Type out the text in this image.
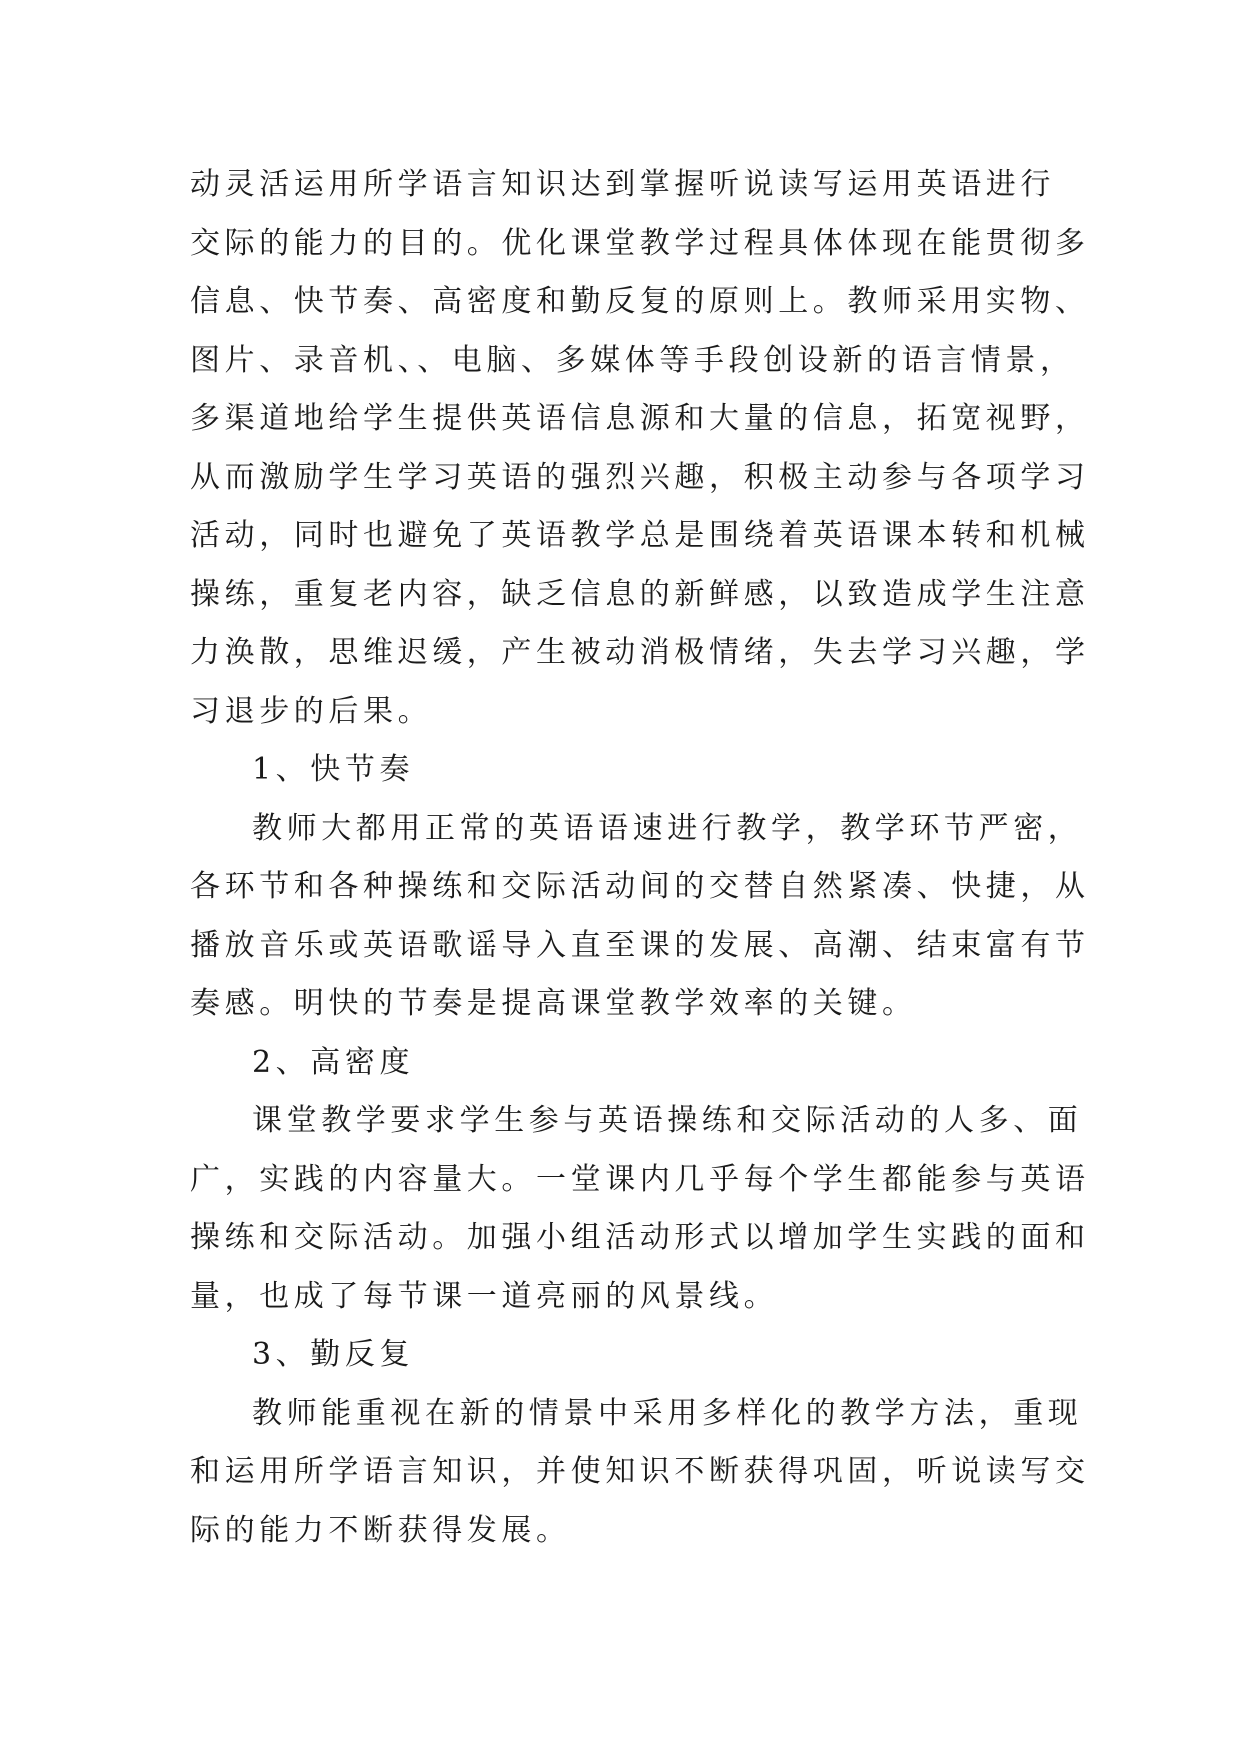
动灵活运用所学语言知识达到掌握听说读写运用英语进行
交际的能力的目的。优化课堂教学过程具体体现在能贯彻多
信息、快节奏、高密度和勤反复的原则上。教师采用实物、
图片、录音机、、电脑、多媒体等手段创设新的语言情景，
多渠道地给学生提供英语信息源和大量的信息，拓宽视野，
从而激励学生学习英语的强烈兴趣，积极主动参与各项学习
活动，同时也避免了英语教学总是围绕着英语课本转和机械
操练，重复老内容，缺乏信息的新鲜感，以致造成学生注意
力涣散，思维迟缓，产生被动消极情绪，失去学习兴趣，学
习退步的后果。
1、快节奏
教师大都用正常的英语语速进行教学，教学环节严密，
各环节和各种操练和交际活动间的交替自然紧凑、快捷，从
播放音乐或英语歌谣导入直至课的发展、高潮、结束富有节
奏感。明快的节奏是提高课堂教学效率的关键。
2、高密度
课堂教学要求学生参与英语操练和交际活动的人多、面
广，实践的内容量大。一堂课内几乎每个学生都能参与英语
操练和交际活动。加强小组活动形式以增加学生实践的面和
量，也成了每节课一道亮丽的风景线。
3、勤反复
教师能重视在新的情景中采用多样化的教学方法，重现
和运用所学语言知识，并使知识不断获得巩固，听说读写交
际的能力不断获得发展。
